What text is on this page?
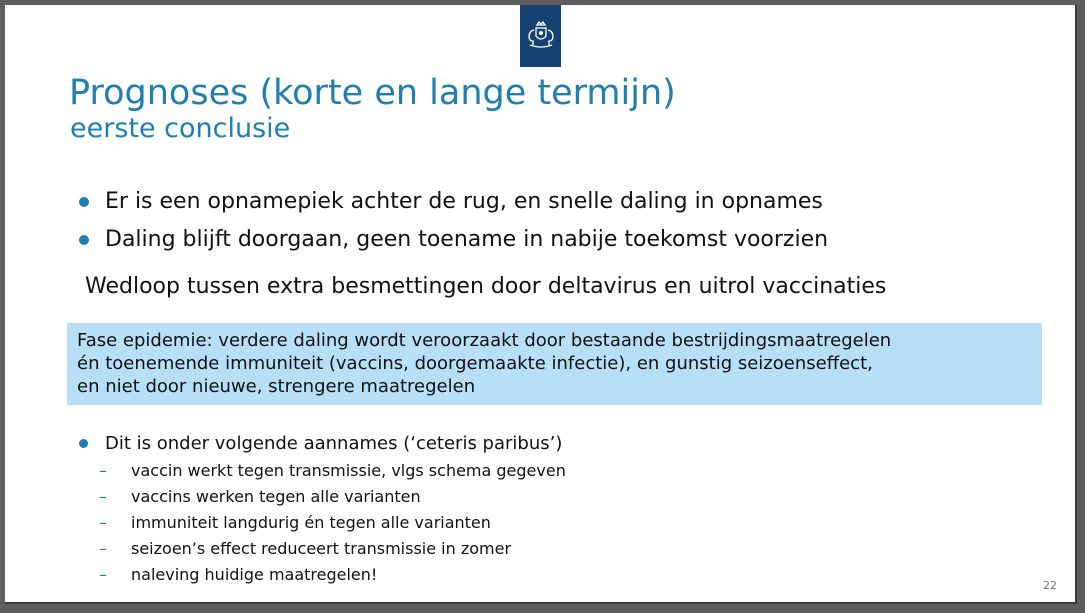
Prognoses (korte en lange termijn)
eerste conclusie
Er is een opnamepiek achter de rug, en snelle daling in opnames
Daling blijft doorgaan, geen toename in nabije toekomst voorzien
Wedloop tussen extra besmettingen door deltavirus en uitrol vaccinaties

Fase epidemie: verdere daling wordt veroorzaakt door bestaande bestrijdingsmaatregelen

én toenemende immuniteit (vaccins, doorgemaakte infectie), en gunstig seizoenseffect,

en niet door nieuwe, strengere maatregelen

Dit is onder volgende aannames (‘ceteris paribus’)
– vaccin werkt tegen transmissie, vlgs schema gegeven
– vaccins werken tegen alle varianten
– immuniteit langdurig én tegen alle varianten
– seizoen’s effect reduceert transmissie in zomer
– naleving huidige maatregelen!
22
